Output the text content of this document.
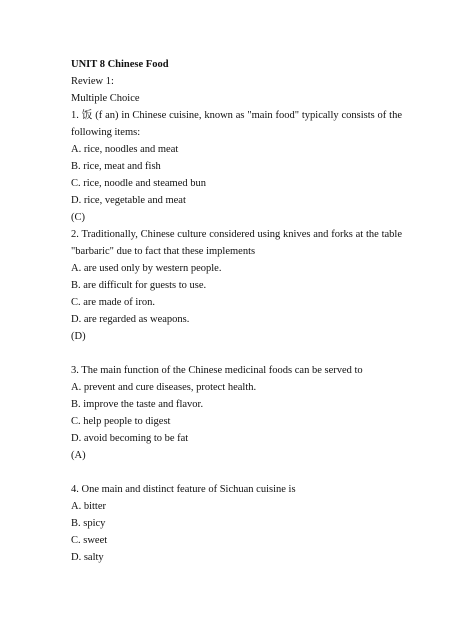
UNIT 8 Chinese Food
Review 1:
Multiple Choice
1. 饭 (f an) in Chinese cuisine, known as "main food" typically consists of the
following items:
A. rice, noodles and meat
B. rice, meat and fish
C. rice, noodle and steamed bun
D. rice, vegetable and meat
(C)
2. Traditionally, Chinese culture considered using knives and forks at the table
"barbaric" due to fact that these implements
A. are used only by western people.
B. are difficult for guests to use.
C. are made of iron.
D. are regarded as weapons.
(D)
3. The main function of the Chinese medicinal foods can be served to
A. prevent and cure diseases, protect health.
B. improve the taste and flavor.
C. help people to digest
D. avoid becoming to be fat
(A)
4. One main and distinct feature of Sichuan cuisine is
A. bitter
B. spicy
C. sweet
D. salty
